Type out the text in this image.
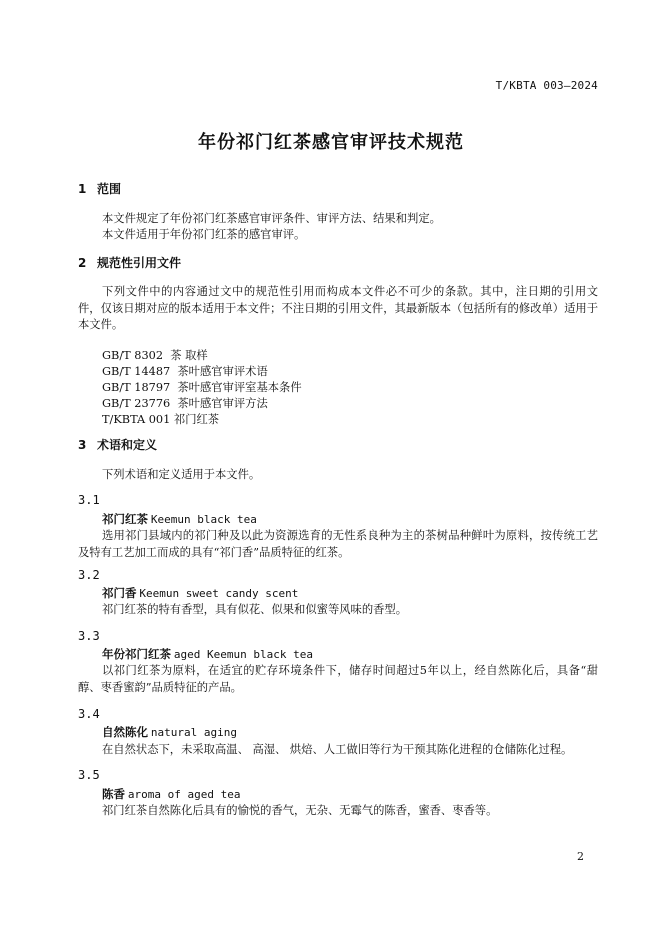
T/KBTA 003—2024
年份祁门红茶感官审评技术规范
1 范围
本文件规定了年份祁门红茶感官审评条件、审评方法、结果和判定。
本文件适用于年份祁门红茶的感官审评。
2 规范性引用文件
下列文件中的内容通过文中的规范性引用而构成本文件必不可少的条款。其中，注日期的引用文件，仅该日期对应的版本适用于本文件；不注日期的引用文件，其最新版本（包括所有的修改单）适用于本文件。
GB/T 8302  茶 取样
GB/T 14487  茶叶感官审评术语
GB/T 18797  茶叶感官审评室基本条件
GB/T 23776  茶叶感官审评方法
T/KBTA 001 祁门红茶
3 术语和定义
下列术语和定义适用于本文件。
3.1
祁门红茶 Keemun black tea
选用祁门县域内的祁门种及以此为资源选育的无性系良种为主的茶树品种鲜叶为原料，按传统工艺及特有工艺加工而成的具有“祁门香”品质特征的红茶。
3.2
祁门香 Keemun sweet candy scent
祁门红茶的特有香型，具有似花、似果和似蜜等风味的香型。
3.3
年份祁门红茶 aged Keemun black tea
以祁门红茶为原料，在适宜的贮存环境条件下，储存时间超过5年以上，经自然陈化后，具备“甜醇、枣香蜜韵”品质特征的产品。
3.4
自然陈化 natural aging
在自然状态下，未采取高温、 高湿、 烘焙、人工做旧等行为干预其陈化进程的仓储陈化过程。
3.5
陈香 aroma of aged tea
祁门红茶自然陈化后具有的愉悦的香气，无杂、无霉气的陈香，蜜香、枣香等。
2
